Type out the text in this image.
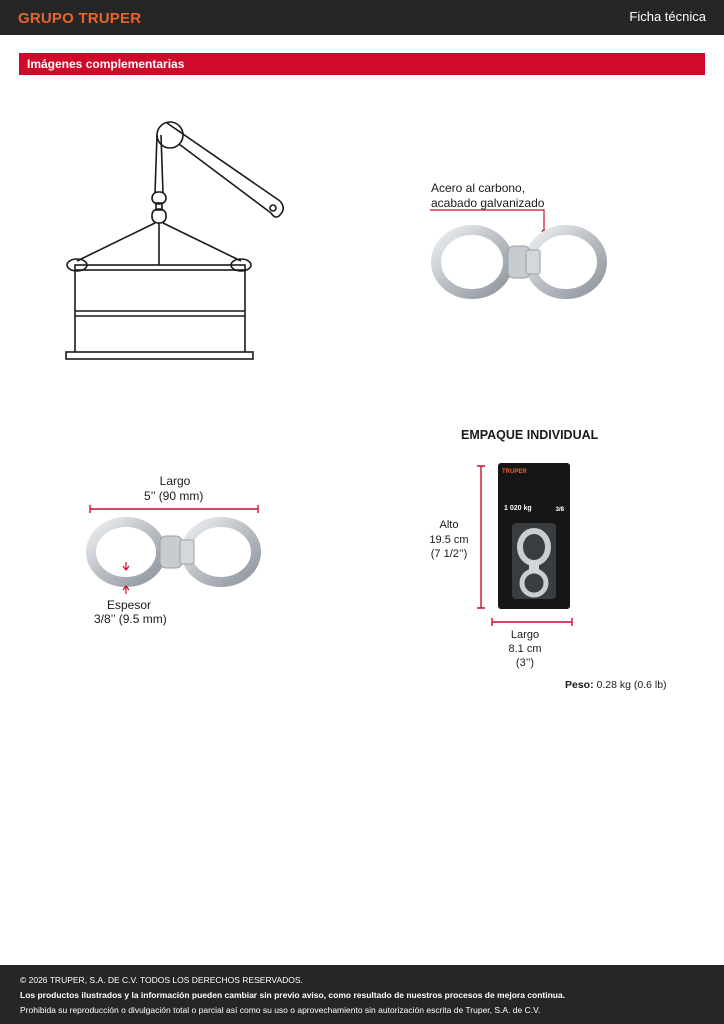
GRUPO TRUPER	Ficha técnica
Imágenes complementarias
Acero al carbono,
acabado galvanizado
Largo
5’’ (90 mm)
Espesor
3/8’’ (9.5 mm)
EMPAQUE INDIVIDUAL
Alto
19.5 cm
(7 1/2’’)
TRUPER
1 020 kg	3/8
Largo
8.1 cm
(3’’)
Peso: 0.28 kg (0.6 lb)
© 2026 TRUPER, S.A. DE C.V. TODOS LOS DERECHOS RESERVADOS.
Los productos ilustrados y la información pueden cambiar sin previo aviso, como resultado de nuestros procesos de mejora continua.
Prohibida su reproducción o divulgación total o parcial así como su uso o aprovechamiento sin autorización escrita de Truper, S.A. de C.V.
